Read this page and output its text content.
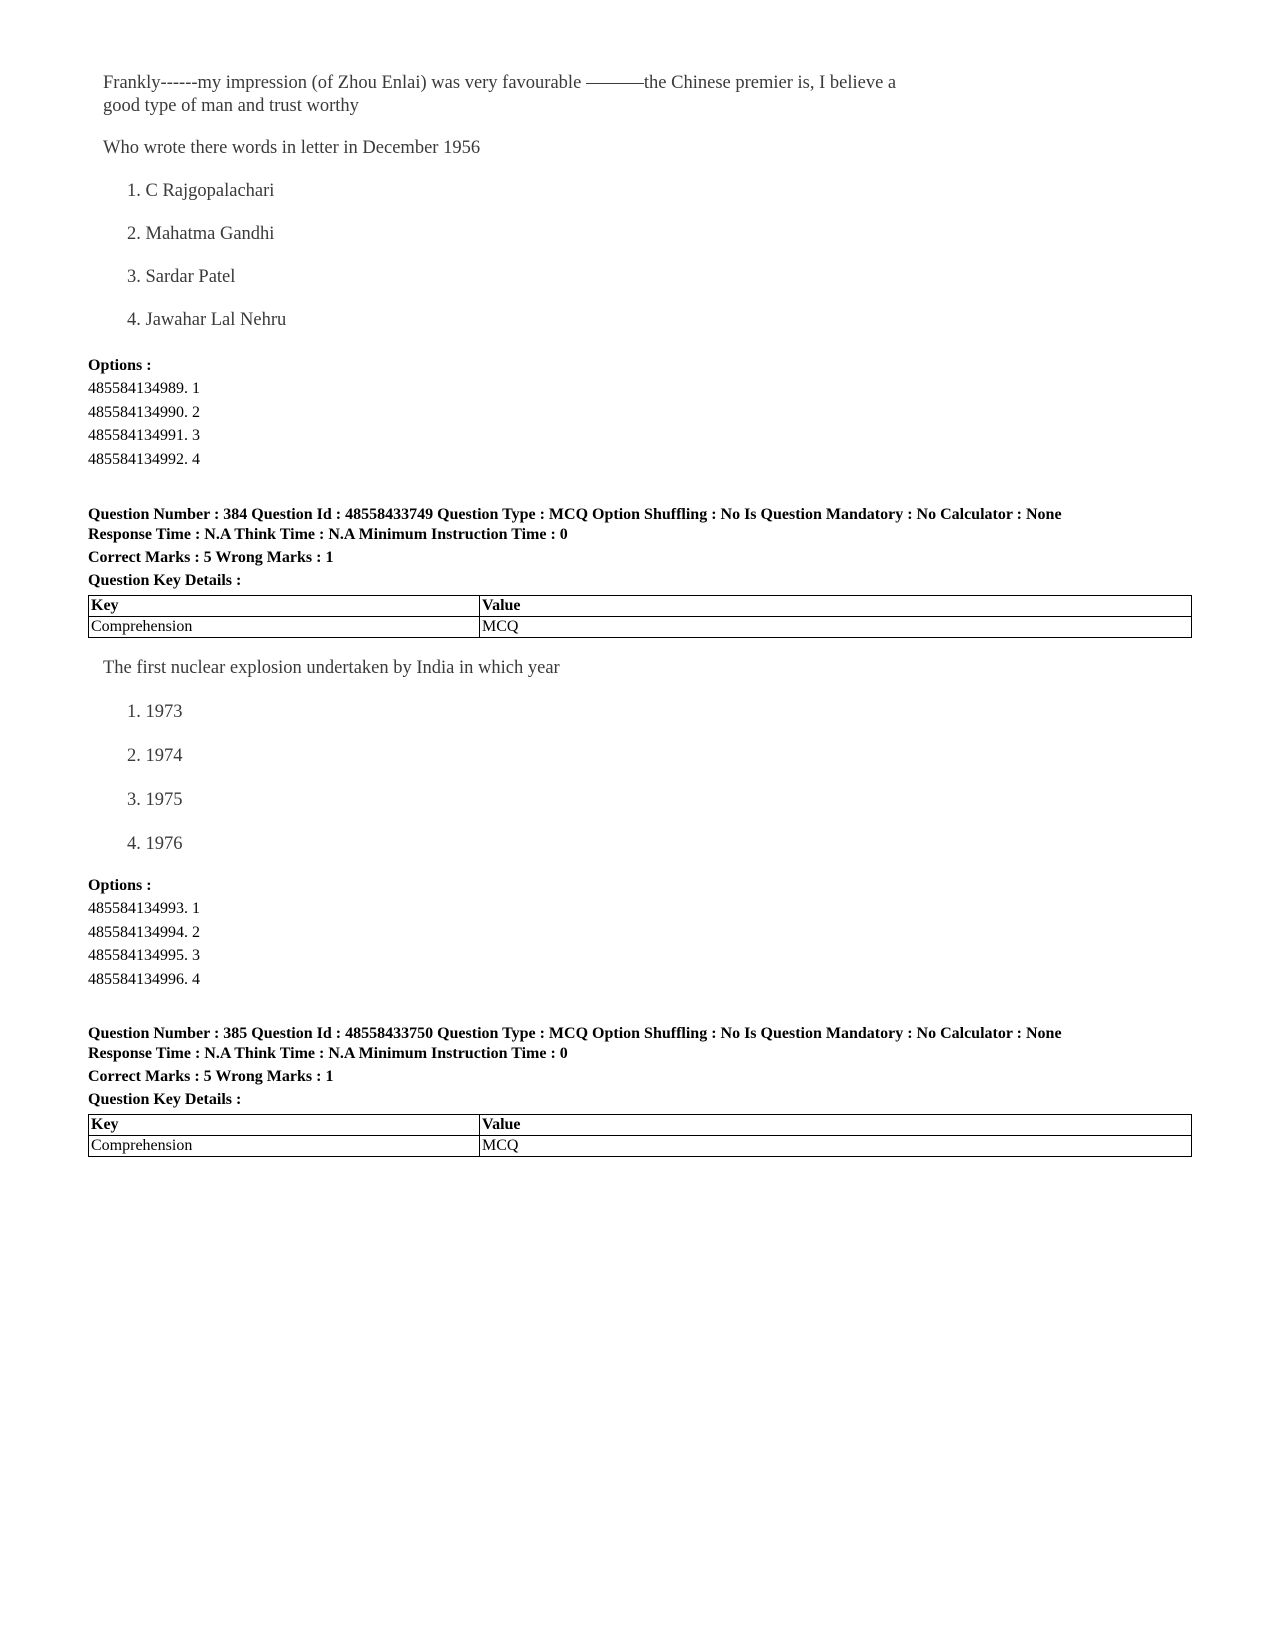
Frankly------my impression (of Zhou Enlai) was very favourable	the Chinese premier is, I believe a
good type of man and trust worthy
Who wrote there words in letter in December 1956
1. C Rajgopalachari
2. Mahatma Gandhi
3. Sardar Patel
4. Jawahar Lal Nehru
Options :
485584134989. 1
485584134990. 2
485584134991. 3
485584134992. 4
Question Number : 384 Question Id : 48558433749 Question Type : MCQ Option Shuffling : No Is Question Mandatory : No Calculator : None
Response Time : N.A Think Time : N.A Minimum Instruction Time : 0
Correct Marks : 5 Wrong Marks : 1
Question Key Details :
Key	Value
Comprehension	MCQ
The first nuclear explosion undertaken by India in which year
1. 1973
2. 1974
3. 1975
4. 1976
Options :
485584134993. 1
485584134994. 2
485584134995. 3
485584134996. 4
Question Number : 385 Question Id : 48558433750 Question Type : MCQ Option Shuffling : No Is Question Mandatory : No Calculator : None
Response Time : N.A Think Time : N.A Minimum Instruction Time : 0
Correct Marks : 5 Wrong Marks : 1
Question Key Details :
Key	Value
Comprehension	MCQ
